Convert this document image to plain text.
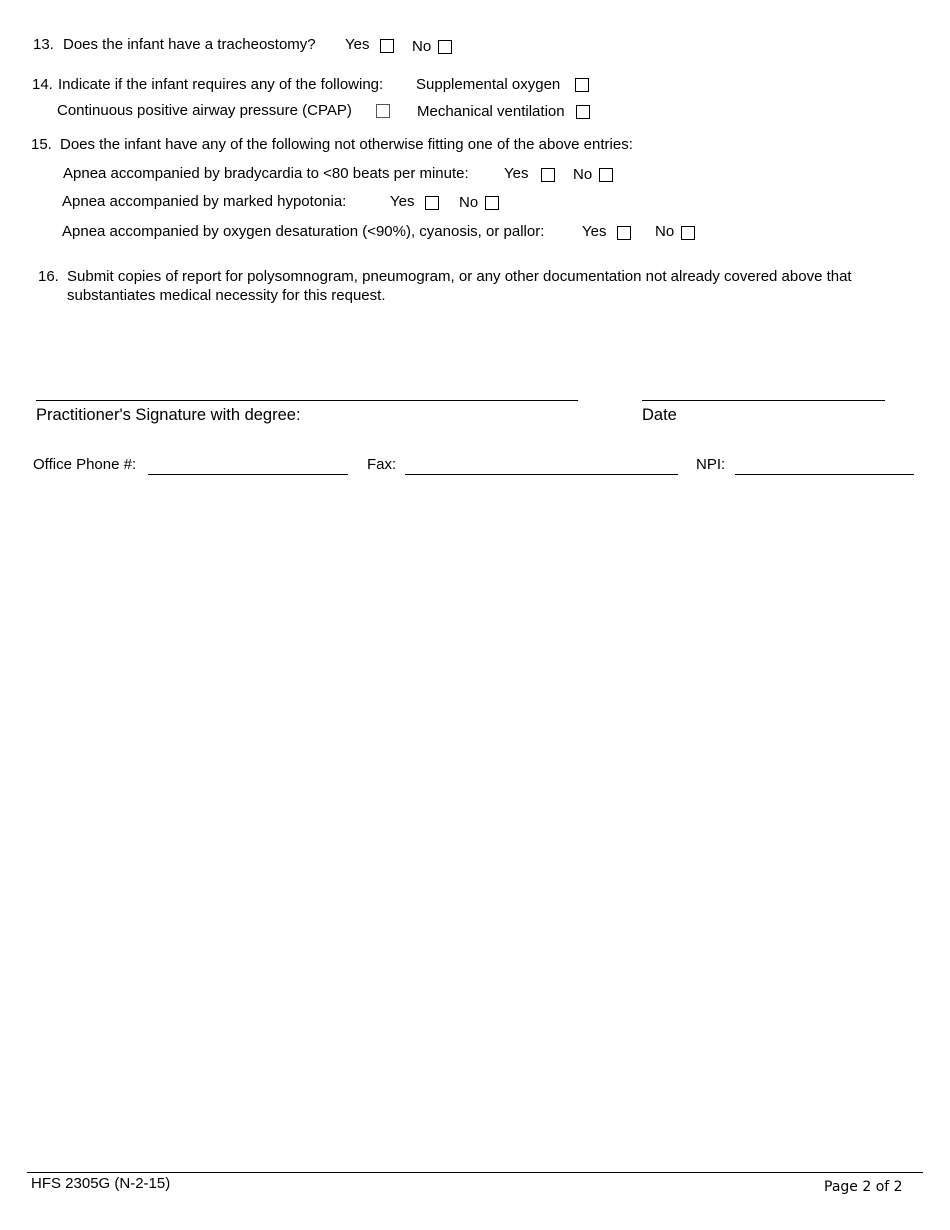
13. Does the infant have a tracheostomy? Yes	No
14. Indicate if the infant requires any of the following: Supplemental oxygen
Continuous positive airway pressure (CPAP)	Mechanical ventilation
15. Does the infant have any of the following not otherwise fitting one of the above entries:
Apnea accompanied by bradycardia to <80 beats per minute: Yes	No
Apnea accompanied by marked hypotonia:	Yes	No
Apnea accompanied by oxygen desaturation (<90%), cyanosis, or pallor:	Yes	No
16. Submit copies of report for polysomnogram, pneumogram, or any other documentation not already covered above that
substantiates medical necessity for this request.
Practitioner's Signature with degree:	Date
Office Phone #:	Fax:	NPI:
HFS 2305G (N-2-15)	Page 2 of 2
